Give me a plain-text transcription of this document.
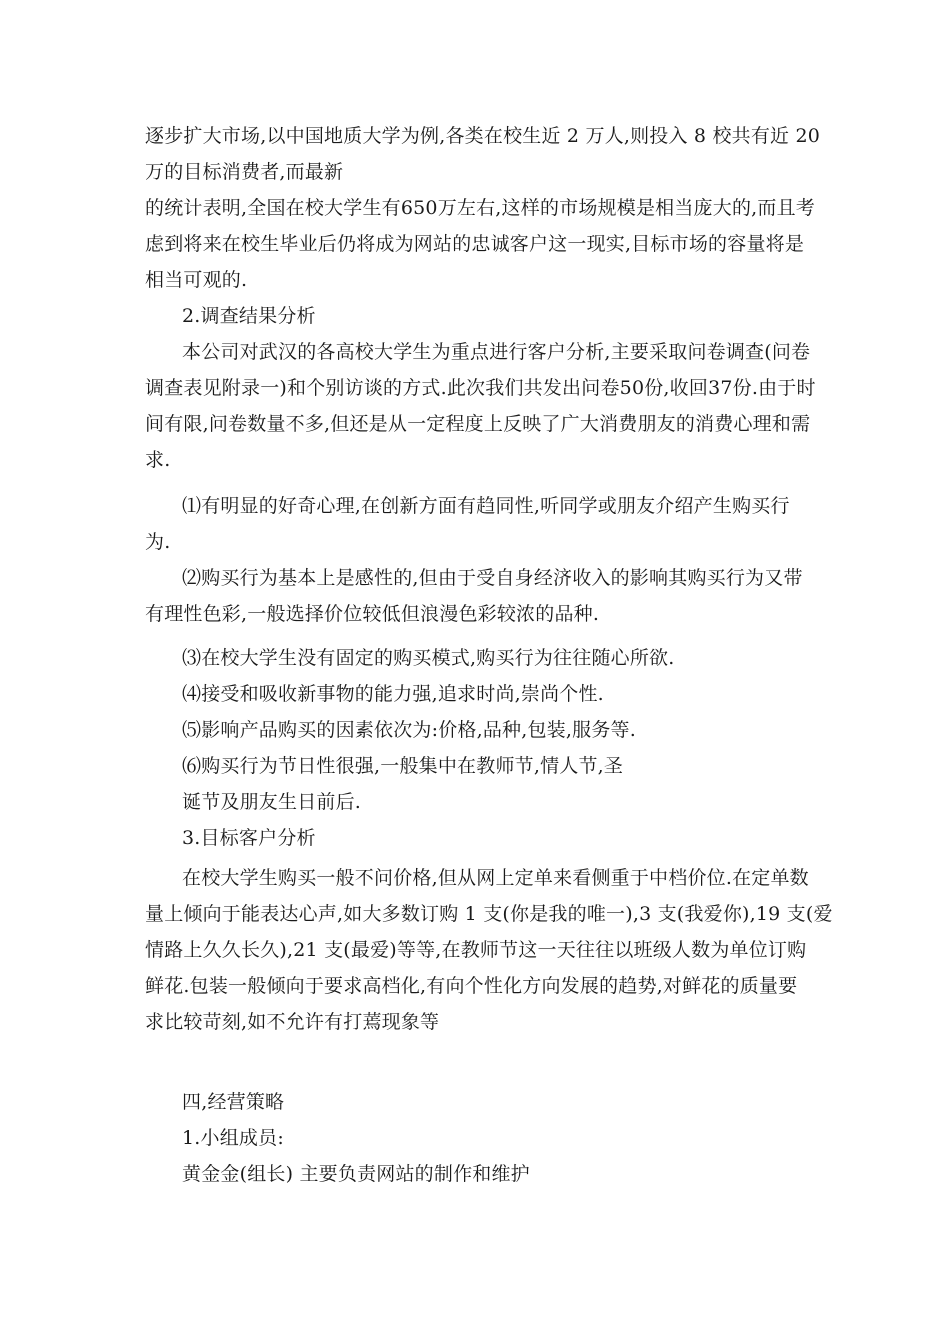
逐步扩大市场,以中国地质大学为例,各类在校生近 2 万人,则投入 8 校共有近 20
万的目标消费者,而最新
的统计表明,全国在校大学生有650万左右,这样的市场规模是相当庞大的,而且考
虑到将来在校生毕业后仍将成为网站的忠诚客户这一现实,目标市场的容量将是
相当可观的.
2.调查结果分析
本公司对武汉的各高校大学生为重点进行客户分析,主要采取问卷调查(问卷
调查表见附录一)和个别访谈的方式.此次我们共发出问卷50份,收回37份.由于时
间有限,问卷数量不多,但还是从一定程度上反映了广大消费朋友的消费心理和需
求.
⑴有明显的好奇心理,在创新方面有趋同性,听同学或朋友介绍产生购买行
为.
⑵购买行为基本上是感性的,但由于受自身经济收入的影响其购买行为又带
有理性色彩,一般选择价位较低但浪漫色彩较浓的品种.
⑶在校大学生没有固定的购买模式,购买行为往往随心所欲.
⑷接受和吸收新事物的能力强,追求时尚,崇尚个性.
⑸影响产品购买的因素依次为:价格,品种,包装,服务等.
⑹购买行为节日性很强,一般集中在教师节,情人节,圣
诞节及朋友生日前后.
3.目标客户分析
在校大学生购买一般不问价格,但从网上定单来看侧重于中档价位.在定单数
量上倾向于能表达心声,如大多数订购 1 支(你是我的唯一),3 支(我爱你),19 支(爱
情路上久久长久),21 支(最爱)等等,在教师节这一天往往以班级人数为单位订购
鲜花.包装一般倾向于要求高档化,有向个性化方向发展的趋势,对鲜花的质量要
求比较苛刻,如不允许有打蔫现象等
四,经营策略
1.小组成员:
黄金金(组长) 主要负责网站的制作和维护
